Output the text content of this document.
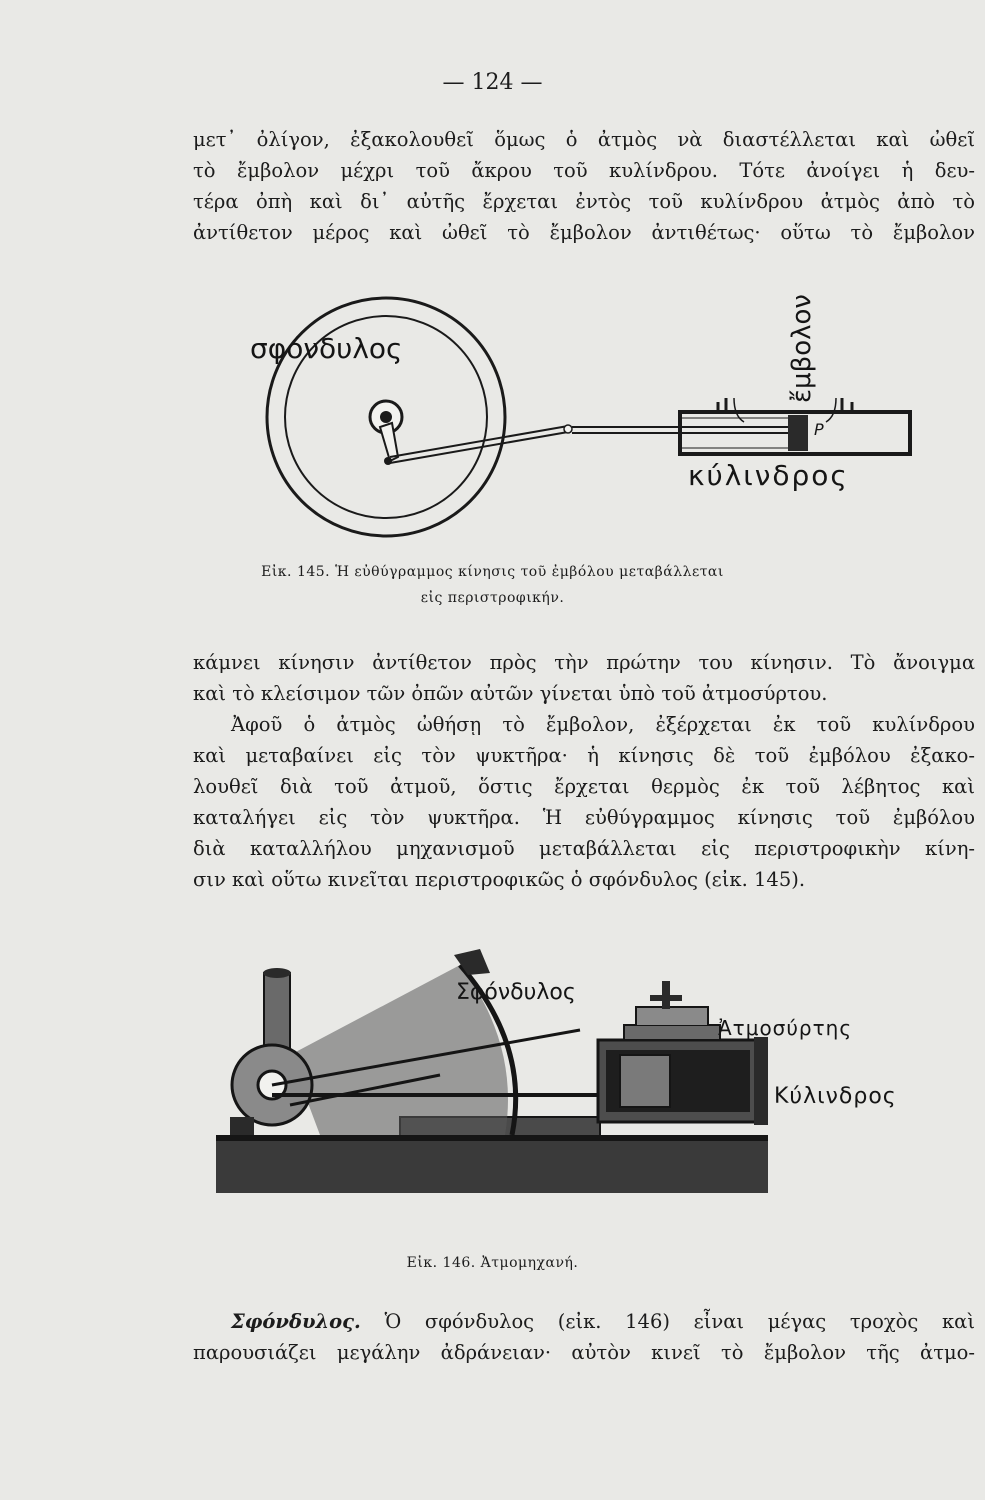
— 124 —
μετ᾽ ὀλίγον, ἐξακολουθεῖ ὅμως ὁ ἀτμὸς νὰ διαστέλλεται καὶ ὠθεῖ
τὸ ἔμβολον μέχρι τοῦ ἄκρου τοῦ κυλίνδρου. Τότε ἀνοίγει ἡ δευ-
τέρα ὀπὴ καὶ δι᾽ αὐτῆς ἔρχεται ἐντὸς τοῦ κυλίνδρου ἀτμὸς ἀπὸ τὸ
ἀντίθετον μέρος καὶ ὠθεῖ τὸ ἔμβολον ἀντιθέτως· οὕτω τὸ ἔμβολον
σφόνδυλος	ἔμβολον
P
κύλινδρος
Εἰκ. 145. Ἡ εὐθύγραμμος κίνησις τοῦ ἐμβόλου μεταβάλλεται
εἰς περιστροφικήν.
κάμνει κίνησιν ἀντίθετον πρὸς τὴν πρώτην του κίνησιν. Τὸ ἄνοιγμα
καὶ τὸ κλείσιμον τῶν ὀπῶν αὐτῶν γίνεται ὑπὸ τοῦ ἀτμοσύρτου.
Ἀφοῦ ὁ ἀτμὸς ὠθήσῃ τὸ ἔμβολον, ἐξέρχεται ἐκ τοῦ κυλίνδρου
καὶ μεταβαίνει εἰς τὸν ψυκτῆρα· ἡ κίνησις δὲ τοῦ ἐμβόλου ἐξακο-
λουθεῖ διὰ τοῦ ἀτμοῦ, ὅστις ἔρχεται θερμὸς ἐκ τοῦ λέβητος καὶ
καταλήγει εἰς τὸν ψυκτῆρα. Ἡ εὐθύγραμμος κίνησις τοῦ ἐμβόλου
διὰ καταλλήλου μηχανισμοῦ μεταβάλλεται εἰς περιστροφικὴν κίνη-
σιν καὶ οὕτω κινεῖται περιστροφικῶς ὁ σφόνδυλος (εἰκ. 145).
Σφόνδυλος
Ἀτμοσύρτης
Κύλινδρος
Εἰκ. 146. Ἀτμομηχανή.
Σφόνδυλος. Ὁ σφόνδυλος (εἰκ. 146) εἶναι μέγας τροχὸς καὶ
παρουσιάζει μεγάλην ἀδράνειαν· αὐτὸν κινεῖ τὸ ἔμβολον τῆς ἀτμο-
